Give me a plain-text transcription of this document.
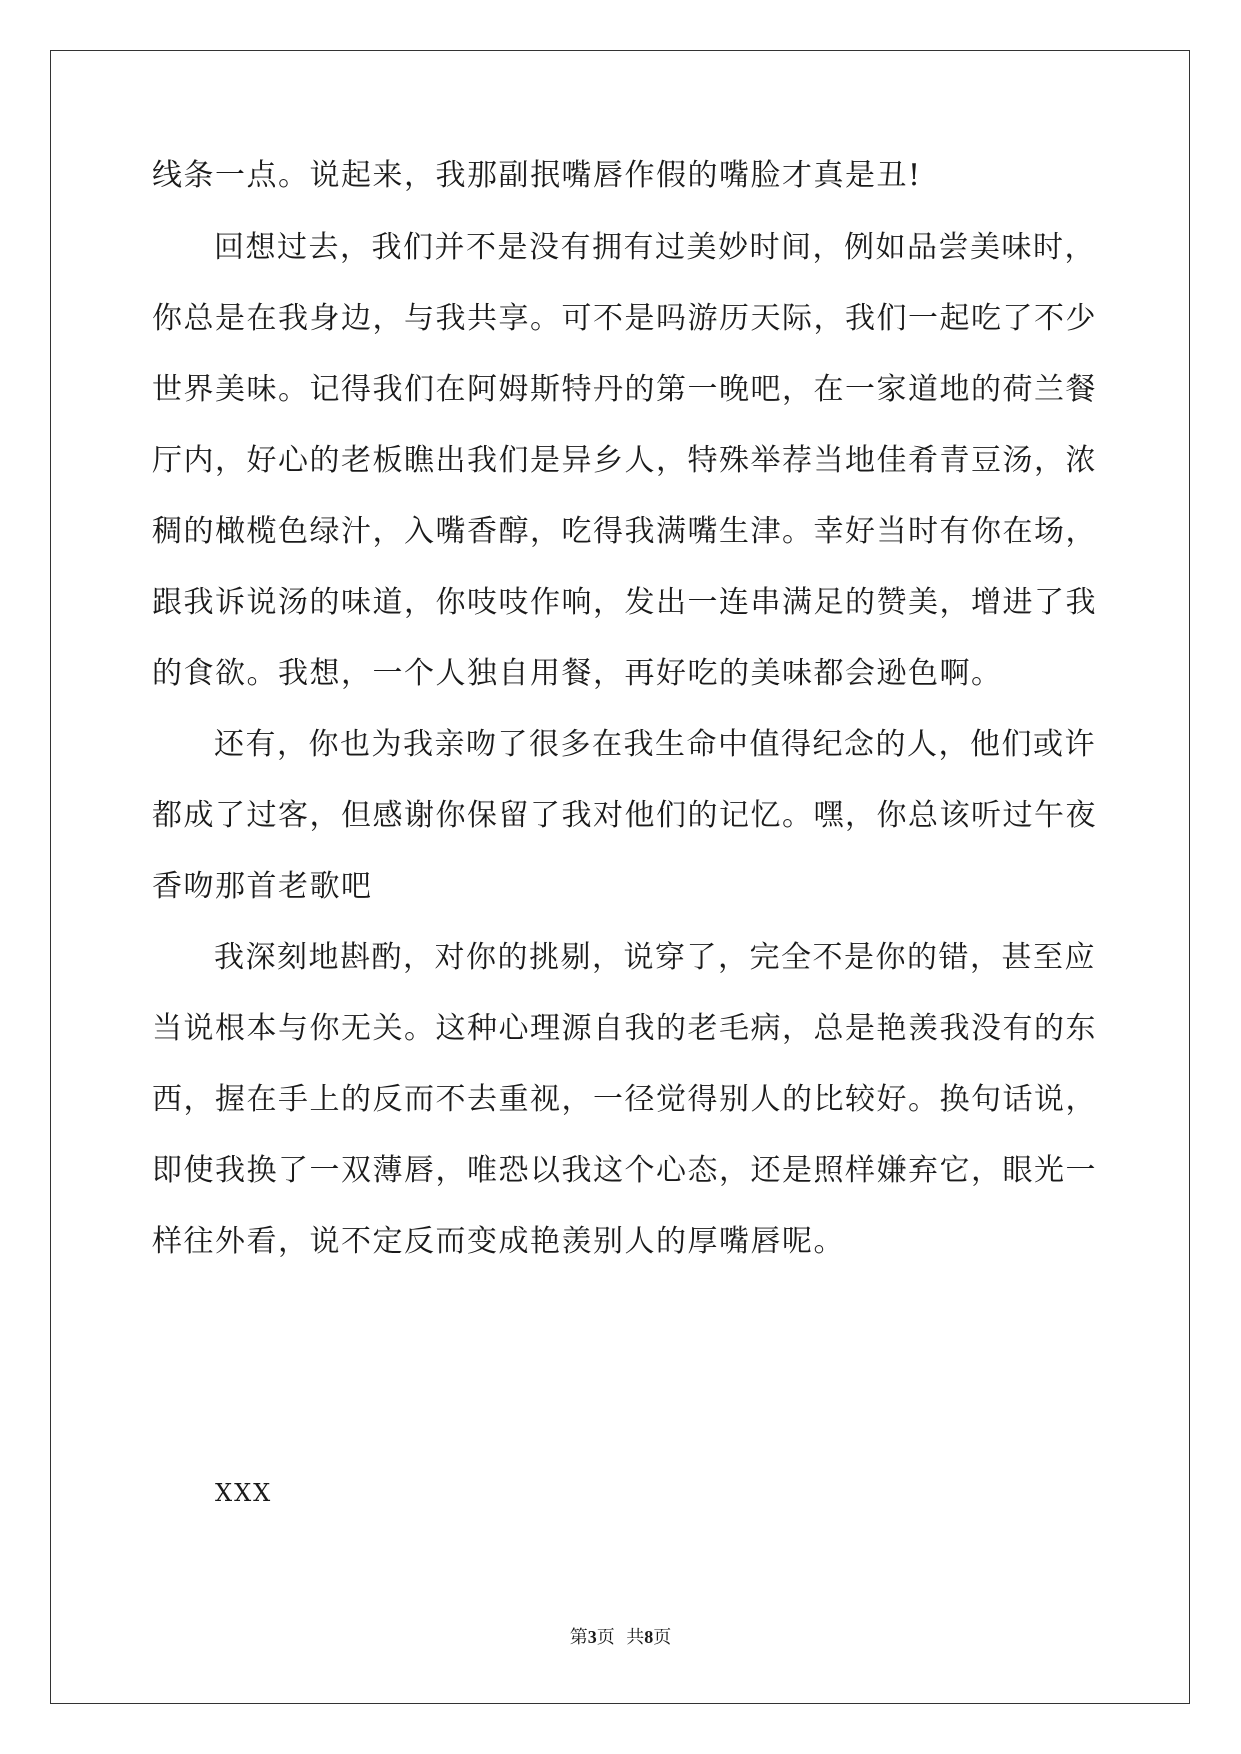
线条一点。说起来，我那副抿嘴唇作假的嘴脸才真是丑!
回想过去，我们并不是没有拥有过美妙时间，例如品尝美味时，
你总是在我身边，与我共享。可不是吗游历天际，我们一起吃了不少
世界美味。记得我们在阿姆斯特丹的第一晚吧，在一家道地的荷兰餐
厅内，好心的老板瞧出我们是异乡人，特殊举荐当地佳肴青豆汤，浓
稠的橄榄色绿汁，入嘴香醇，吃得我满嘴生津。幸好当时有你在场，
跟我诉说汤的味道，你吱吱作响，发出一连串满足的赞美，增进了我
的食欲。我想，一个人独自用餐，再好吃的美味都会逊色啊。
还有，你也为我亲吻了很多在我生命中值得纪念的人，他们或许
都成了过客，但感谢你保留了我对他们的记忆。嘿，你总该听过午夜
香吻那首老歌吧
我深刻地斟酌，对你的挑剔，说穿了，完全不是你的错，甚至应
当说根本与你无关。这种心理源自我的老毛病，总是艳羡我没有的东
西，握在手上的反而不去重视，一径觉得别人的比较好。换句话说，
即使我换了一双薄唇，唯恐以我这个心态，还是照样嫌弃它，眼光一
样往外看，说不定反而变成艳羡别人的厚嘴唇呢。
XXX
第3页  共8页
